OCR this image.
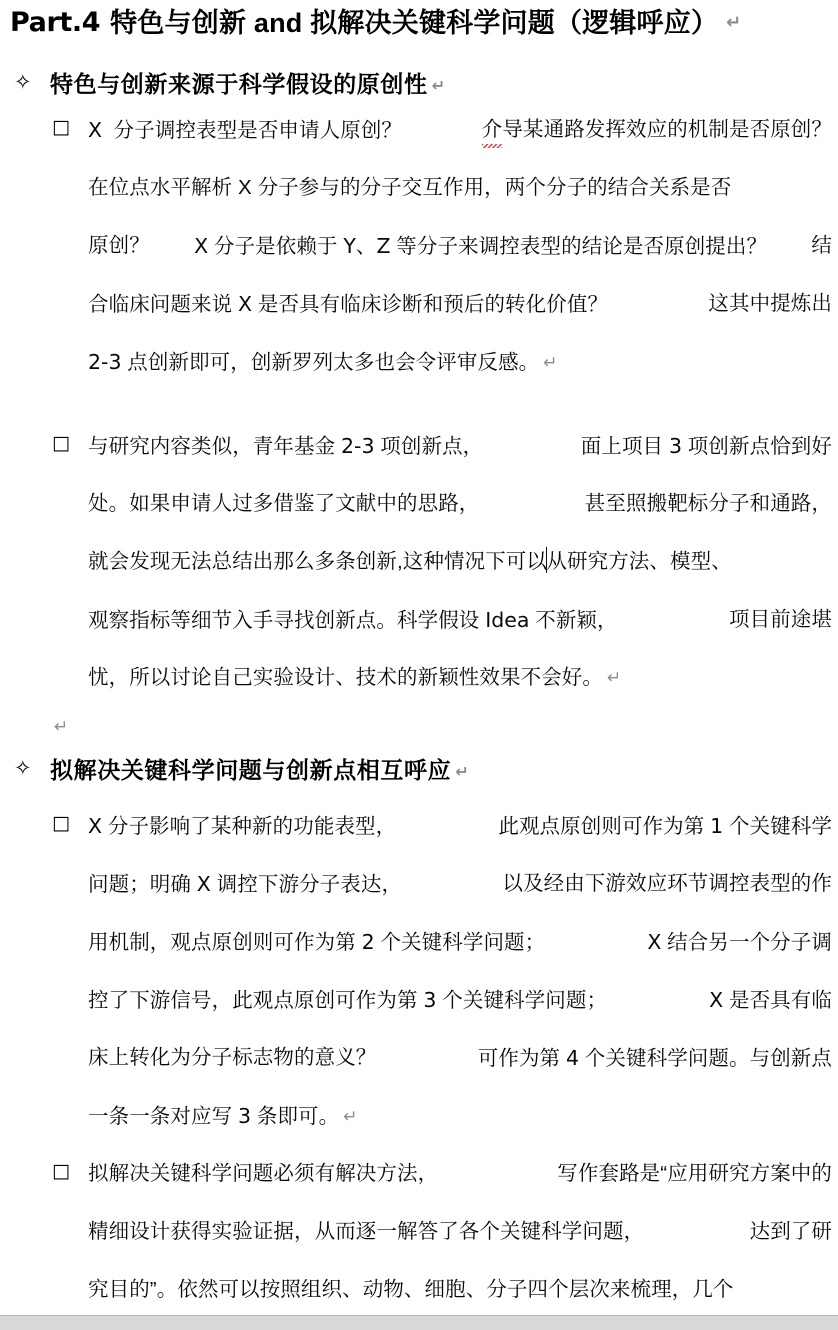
Part.4 特色与创新 and 拟解决关键科学问题（逻辑呼应） ↵
✧ 特色与创新来源于科学假设的原创性 ↵
□ X  分子调控表型是否申请人原创？	介导某通路发挥效应的机制是否原创？
在位点水平解析 X 分子参与的分子交互作用，两个分子的结合关系是否
原创？ X 分子是依赖于 Y、Z 等分子来调控表型的结论是否原创提出？ 结
合临床问题来说 X 是否具有临床诊断和预后的转化价值？	这其中提炼出
2-3 点创新即可，创新罗列太多也会令评审反感。 ↵
□ 与研究内容类似，青年基金 2-3 项创新点，	面上项目 3 项创新点恰到好
处。如果申请人过多借鉴了文献中的思路，	甚至照搬靶标分子和通路，
就会发现无法总结出那么多条创新,这种情况下可以从研究方法、模型、
观察指标等细节入手寻找创新点。科学假设 Idea 不新颖，	项目前途堪
忧，所以讨论自己实验设计、技术的新颖性效果不会好。 ↵
↵
✧ 拟解决关键科学问题与创新点相互呼应 ↵
□ X 分子影响了某种新的功能表型，	此观点原创则可作为第 1 个关键科学
问题；明确 X 调控下游分子表达，	以及经由下游效应环节调控表型的作
用机制，观点原创则可作为第 2 个关键科学问题；	X 结合另一个分子调
控了下游信号，此观点原创可作为第 3 个关键科学问题；	X 是否具有临
床上转化为分子标志物的意义？	可作为第 4 个关键科学问题。与创新点
一条一条对应写 3 条即可。 ↵
□ 拟解决关键科学问题必须有解决方法，	写作套路是“应用研究方案中的
精细设计获得实验证据，从而逐一解答了各个关键科学问题，	达到了研
究目的”。依然可以按照组织、动物、细胞、分子四个层次来梳理，几个
